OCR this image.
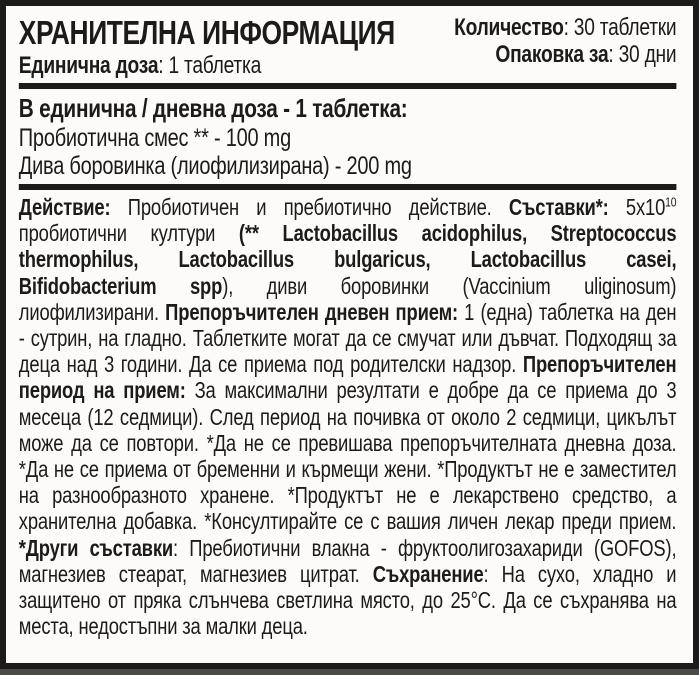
ХРАНИТЕЛНА ИНФОРМАЦИЯ
Единична доза: 1 таблетка
Количество: 30 таблетки
Опаковка за: 30 дни
В единична / дневна доза - 1 таблетка:
Пробиотична смес ** - 100 mg
Дива боровинка (лиофилизирана) - 200 mg

Действие: Пробиотичен и пребиотично действие. Съставки*: $5x10^{10}$ пробиотични култури (** Lactobacillus acidophilus, Streptococcus thermophilus, Lactobacillus bulgaricus, Lactobacillus casei, Bifidobacterium spp), диви боровинки (Vaccinium uliginosum) лиофилизирани. Препоръчителен дневен прием: 1 (една) таблетка на ден - сутрин, на гладно. Таблетките могат да се смучат или дъвчат. Подходящ за деца над 3 години. Да се приема под родителски надзор. Препоръчителен период на прием: За максимални резултати е добре да се приема до 3 месеца (12 седмици). След период на почивка от около 2 седмици, цикълът може да се повтори. *Да не се превишава препоръчителната дневна доза. *Да не се приема от бременни и кърмещи жени. *Продуктът не е заместител на разнообразното хранене. *Продуктът не е лекарствено средство, а хранителна добавка. *Консултирайте се с вашия личен лекар преди прием. *Други съставки: Пребиотични влакна - фруктоолигозахариди (GOFOS), магнезиев стеарат, магнезиев цитрат. Съхранение: На сухо, хладно и защитено от пряка слънчева светлина място, до 25°C. Да се съхранява на места, недостъпни за малки деца.
